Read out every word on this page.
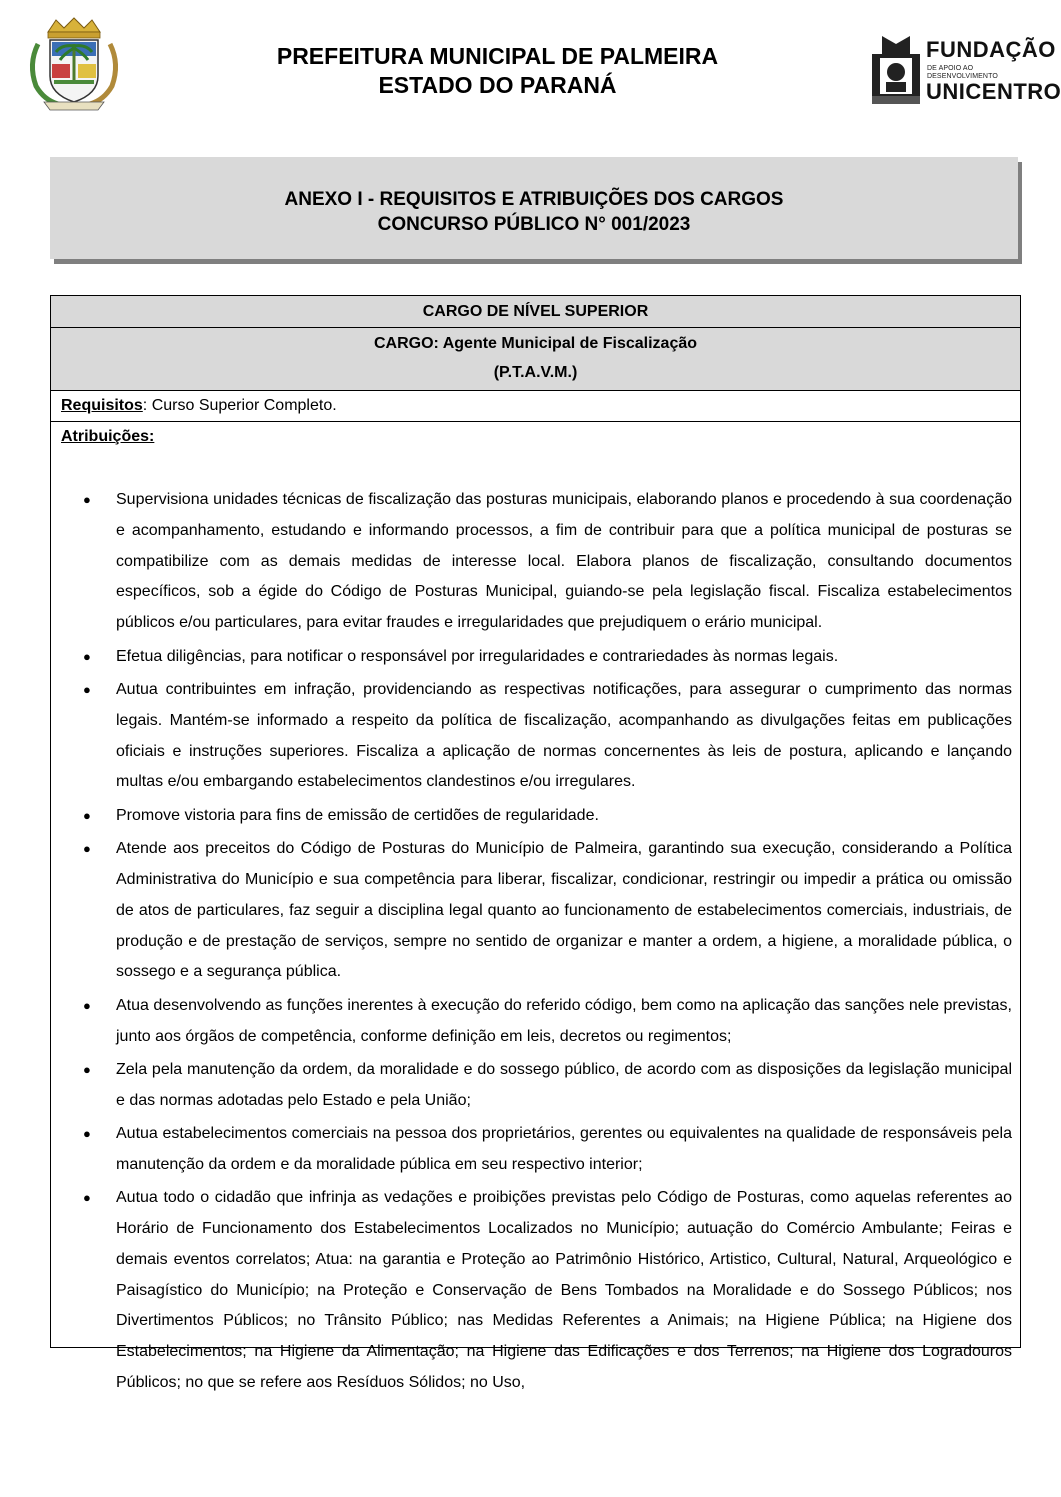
PREFEITURA MUNICIPAL DE PALMEIRA
ESTADO DO PARANÁ
FUNDAÇÃO
DE APOIO AO DESENVOLVIMENTO
UNICENTRO
ANEXO I - REQUISITOS E ATRIBUIÇÕES DOS CARGOS
CONCURSO PÚBLICO N° 001/2023
CARGO DE NÍVEL SUPERIOR
CARGO: Agente Municipal de Fiscalização
(P.T.A.V.M.)
Requisitos: Curso Superior Completo.
Atribuições:
● Supervisiona unidades técnicas de fiscalização das posturas municipais, elaborando planos e procedendo à sua coordenação e acompanhamento, estudando e informando processos, a fim de contribuir para que a política municipal de posturas se compatibilize com as demais medidas de interesse local. Elabora planos de fiscalização, consultando documentos específicos, sob a égide do Código de Posturas Municipal, guiando-se pela legislação fiscal. Fiscaliza estabelecimentos públicos e/ou particulares, para evitar fraudes e irregularidades que prejudiquem o erário municipal.
● Efetua diligências, para notificar o responsável por irregularidades e contrariedades às normas legais.
● Autua contribuintes em infração, providenciando as respectivas notificações, para assegurar o cumprimento das normas legais. Mantém-se informado a respeito da política de fiscalização, acompanhando as divulgações feitas em publicações oficiais e instruções superiores. Fiscaliza a aplicação de normas concernentes às leis de postura, aplicando e lançando multas e/ou embargando estabelecimentos clandestinos e/ou irregulares.
● Promove vistoria para fins de emissão de certidões de regularidade.
● Atende aos preceitos do Código de Posturas do Município de Palmeira, garantindo sua execução, considerando a Política Administrativa do Município e sua competência para liberar, fiscalizar, condicionar, restringir ou impedir a prática ou omissão de atos de particulares, faz seguir a disciplina legal quanto ao funcionamento de estabelecimentos comerciais, industriais, de produção e de prestação de serviços, sempre no sentido de organizar e manter a ordem, a higiene, a moralidade pública, o sossego e a segurança pública.
● Atua desenvolvendo as funções inerentes à execução do referido código, bem como na aplicação das sanções nele previstas, junto aos órgãos de competência, conforme definição em leis, decretos ou regimentos;
● Zela pela manutenção da ordem, da moralidade e do sossego público, de acordo com as disposições da legislação municipal e das normas adotadas pelo Estado e pela União;
● Autua estabelecimentos comerciais na pessoa dos proprietários, gerentes ou equivalentes na qualidade de responsáveis pela manutenção da ordem e da moralidade pública em seu respectivo interior;
● Autua todo o cidadão que infrinja as vedações e proibições previstas pelo Código de Posturas, como aquelas referentes ao Horário de Funcionamento dos Estabelecimentos Localizados no Município; autuação do Comércio Ambulante; Feiras e demais eventos correlatos; Atua: na garantia e Proteção ao Patrimônio Histórico, Artistico, Cultural, Natural, Arqueológico e Paisagístico do Município; na Proteção e Conservação de Bens Tombados na Moralidade e do Sossego Públicos; nos Divertimentos Públicos; no Trânsito Público; nas Medidas Referentes a Animais; na Higiene Pública; na Higiene dos Estabelecimentos; na Higiene da Alimentação; na Higiene das Edificações e dos Terrenos; na Higiene dos Logradouros Públicos; no que se refere aos Resíduos Sólidos; no Uso,
